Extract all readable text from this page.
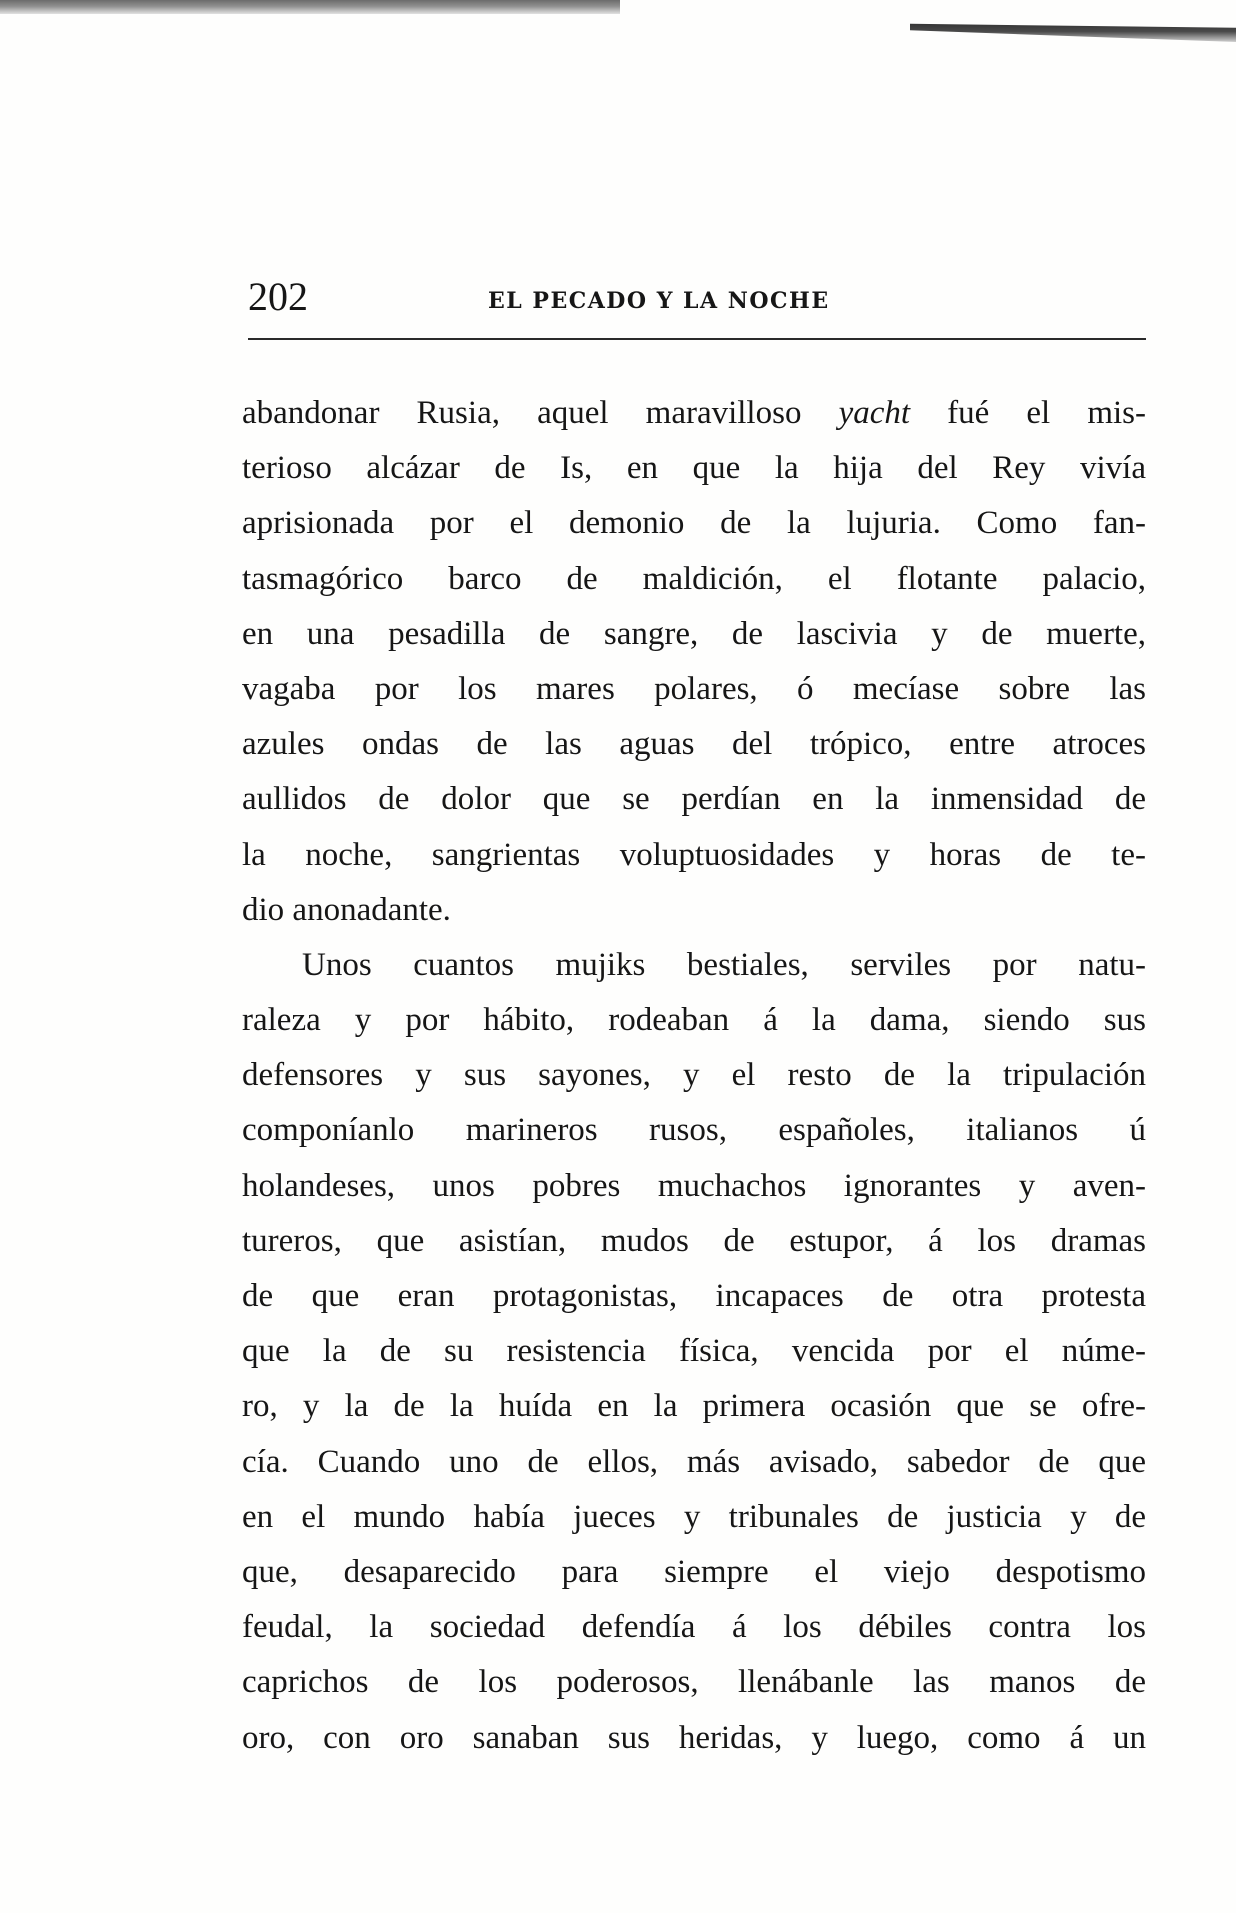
202	EL PECADO Y LA NOCHE
abandonar Rusia, aquel maravilloso yacht fué el mis-
terioso alcázar de Is, en que la hija del Rey vivía
aprisionada por el demonio de la lujuria. Como fan-
tasmagórico barco de maldición, el flotante palacio,
en una pesadilla de sangre, de lascivia y de muerte,
vagaba por los mares polares, ó mecíase sobre las
azules ondas de las aguas del trópico, entre atroces
aullidos de dolor que se perdían en la inmensidad de
la noche, sangrientas voluptuosidades y horas de te-
dio anonadante.
Unos cuantos mujiks bestiales, serviles por natu-
raleza y por hábito, rodeaban á la dama, siendo sus
defensores y sus sayones, y el resto de la tripulación
componíanlo marineros rusos, españoles, italianos ú
holandeses, unos pobres muchachos ignorantes y aven-
tureros, que asistían, mudos de estupor, á los dramas
de que eran protagonistas, incapaces de otra protesta
que la de su resistencia física, vencida por el núme-
ro, y la de la huída en la primera ocasión que se ofre-
cía. Cuando uno de ellos, más avisado, sabedor de que
en el mundo había jueces y tribunales de justicia y de
que, desaparecido para siempre el viejo despotismo
feudal, la sociedad defendía á los débiles contra los
caprichos de los poderosos, llenábanle las manos de
oro, con oro sanaban sus heridas, y luego, como á un
